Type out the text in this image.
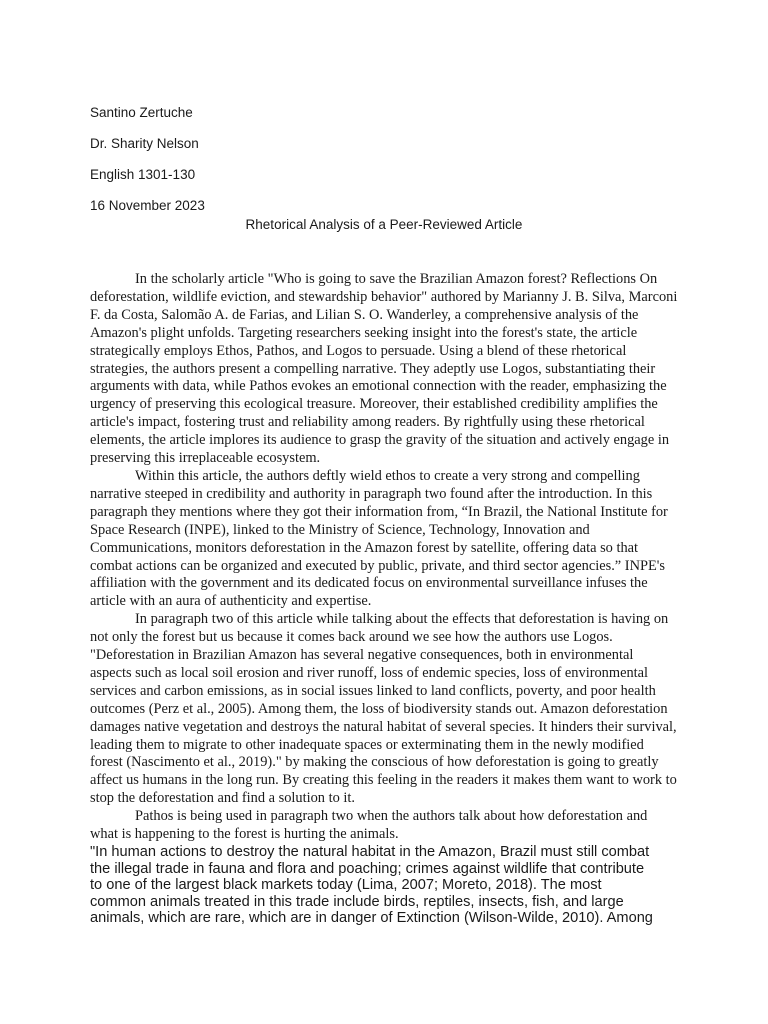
Santino Zertuche
Dr. Sharity Nelson
English 1301-130
16 November 2023
Rhetorical Analysis of a Peer-Reviewed Article

In the scholarly article "Who is going to save the Brazilian Amazon forest? Reflections On deforestation, wildlife eviction, and stewardship behavior" authored by Marianny J. B. Silva, Marconi F. da Costa, Salomão A. de Farias, and Lilian S. O. Wanderley, a comprehensive analysis of the Amazon's plight unfolds. Targeting researchers seeking insight into the forest's state, the article strategically employs Ethos, Pathos, and Logos to persuade. Using a blend of these rhetorical strategies, the authors present a compelling narrative. They adeptly use Logos, substantiating their arguments with data, while Pathos evokes an emotional connection with the reader, emphasizing the urgency of preserving this ecological treasure. Moreover, their established credibility amplifies the article's impact, fostering trust and reliability among readers. By rightfully using these rhetorical elements, the article implores its audience to grasp the gravity of the situation and actively engage in preserving this irreplaceable ecosystem.

Within this article, the authors deftly wield ethos to create a very strong and compelling narrative steeped in credibility and authority in paragraph two found after the introduction. In this paragraph they mentions where they got their information from, “In Brazil, the National Institute for Space Research (INPE), linked to the Ministry of Science, Technology, Innovation and Communications, monitors deforestation in the Amazon forest by satellite, offering data so that combat actions can be organized and executed by public, private, and third sector agencies.” INPE's affiliation with the government and its dedicated focus on environmental surveillance infuses the article with an aura of authenticity and expertise.

In paragraph two of this article while talking about the effects that deforestation is having on not only the forest but us because it comes back around we see how the authors use Logos. "Deforestation in Brazilian Amazon has several negative consequences, both in environmental aspects such as local soil erosion and river runoff, loss of endemic species, loss of environmental services and carbon emissions, as in social issues linked to land conflicts, poverty, and poor health outcomes (Perz et al., 2005). Among them, the loss of biodiversity stands out. Amazon deforestation damages native vegetation and destroys the natural habitat of several species. It hinders their survival, leading them to migrate to other inadequate spaces or exterminating them in the newly modified forest (Nascimento et al., 2019)." by making the conscious of how deforestation is going to greatly affect us humans in the long run. By creating this feeling in the readers it makes them want to work to stop the deforestation and find a solution to it.

Pathos is being used in paragraph two when the authors talk about how deforestation and what is happening to the forest is hurting the animals.

"In human actions to destroy the natural habitat in the Amazon, Brazil must still combat
the illegal trade in fauna and flora and poaching; crimes against wildlife that contribute
to one of the largest black markets today (Lima, 2007; Moreto, 2018). The most
common animals treated in this trade include birds, reptiles, insects, fish, and large
animals, which are rare, which are in danger of Extinction (Wilson-Wilde, 2010). Among
